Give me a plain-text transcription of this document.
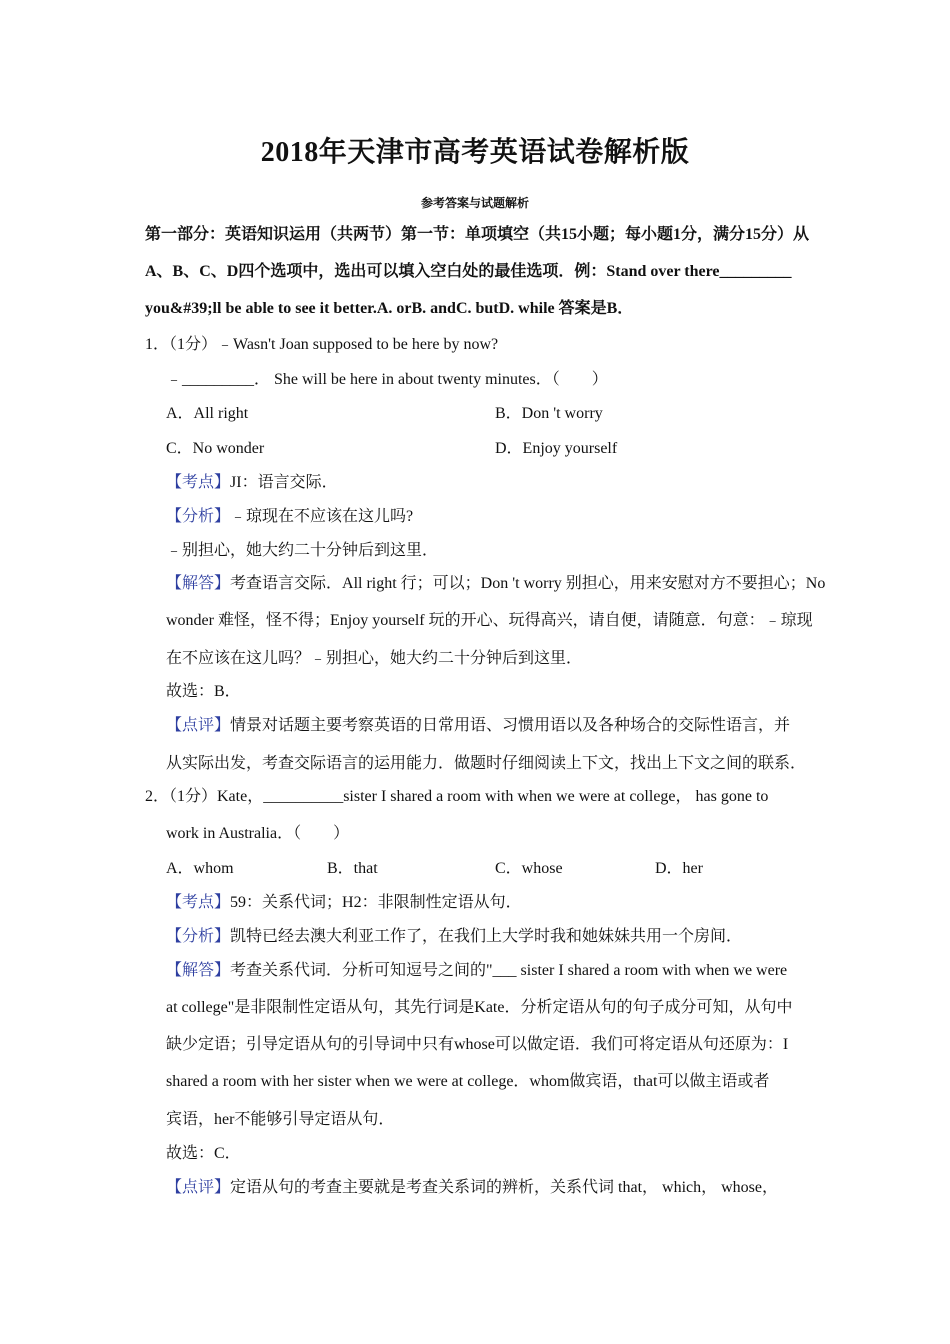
2018年天津市高考英语试卷解析版
参考答案与试题解析
第一部分：英语知识运用（共两节）第一节：单项填空（共15小题；每小题1分，满分15分）从A、B、C、D四个选项中，选出可以填入空白处的最佳选项．例：Stand over there_________ you&#39;ll be able to see it better.A. orB. andC. butD. while 答案是B．
1．（1分）﹣Wasn't Joan supposed to be here by now?
﹣_________． She will be here in about twenty minutes．（　　）
A．All right	B．Don 't worry
C．No wonder	D．Enjoy yourself
【考点】JI：语言交际．
【分析】﹣琼现在不应该在这儿吗?
﹣别担心，她大约二十分钟后到这里．
【解答】考查语言交际．All right 行；可以；Don 't worry 别担心，用来安慰对方不要担心；No
wonder 难怪，怪不得；Enjoy yourself 玩的开心、玩得高兴，请自便，请随意．句意：﹣琼现
在不应该在这儿吗？﹣别担心，她大约二十分钟后到这里．
故选：B．
【点评】情景对话题主要考察英语的日常用语、习惯用语以及各种场合的交际性语言，并
从实际出发，考查交际语言的运用能力．做题时仔细阅读上下文，找出上下文之间的联系．
2．（1分）Kate，__________sister I shared a room with when we were at college， has gone to
work in Australia．（　　）
A．whom	B．that	C．whose	D．her
【考点】59：关系代词；H2：非限制性定语从句．
【分析】凯特已经去澳大利亚工作了，在我们上大学时我和她妹妹共用一个房间．
【解答】考查关系代词．分析可知逗号之间的"___ sister I shared a room with when we were
at college"是非限制性定语从句，其先行词是Kate．分析定语从句的句子成分可知，从句中
缺少定语；引导定语从句的引导词中只有whose可以做定语．我们可将定语从句还原为：I
shared a room with her sister when we were at college．whom做宾语，that可以做主语或者
宾语，her不能够引导定语从句．
故选：C．
【点评】定语从句的考查主要就是考查关系词的辨析，关系代词 that， which， whose，
